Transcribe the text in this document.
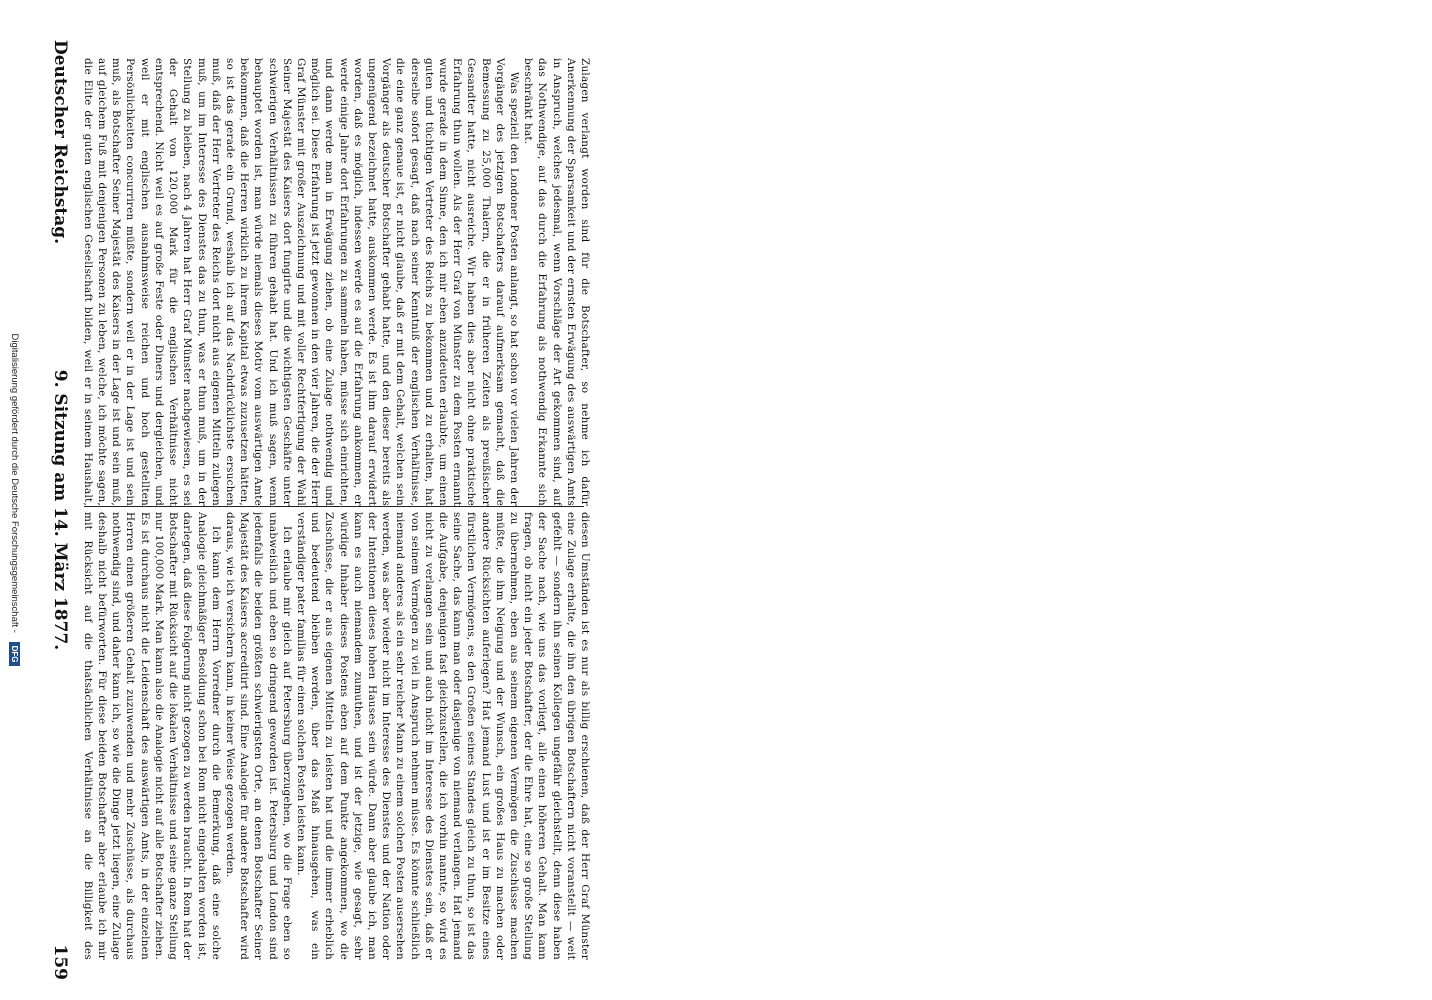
Deutscher Reichstag.
9. Sitzung am 14. März 1877.
159

Zulagen verlangt worden sind für die Botschafter, so nehme ich dafür Anerkennung der Sparsamkeit und der ernsten Erwägung des auswärtigen Amts in Anspruch, welches jedesmal, wenn Vorschläge der Art gekommen sind, auf das Nothwendige, auf das durch die Erfahrung als nothwendig Erkannte sich beschränkt hat.

Was speziell den Londoner Posten anlangt, so hat schon vor vielen Jahren der Vorgänger des jetzigen Botschafters darauf aufmerksam gemacht, daß die Bemessung zu 25,000 Thalern, die er in früheren Zeiten als preußischer Gesandter hatte, nicht ausreiche. Wir haben dies aber nicht ohne praktische Erfahrung thun wollen. Als der Herr Graf von Münster zu dem Posten ernannt wurde gerade in dem Sinne, den ich mir eben anzudeuten erlaubte, um einen guten und tüchtigen Vertreter des Reichs zu bekommen und zu erhalten, hat derselbe sofort gesagt, daß nach seiner Kenntniß der englischen Verhältnisse, die eine ganz genaue ist, er nicht glaube, daß er mit dem Gehalt, welchen sein Vorgänger als deutscher Botschafter gehabt hatte, und den dieser bereits als ungenügend bezeichnet hatte, auskommen werde. Es ist ihm darauf erwidert worden, daß es möglich, indessen werde es auf die Erfahrung ankommen, er werde einige Jahre dort Erfahrungen zu sammeln haben, müsse sich einrichten, und dann werde man in Erwägung ziehen, ob eine Zulage nothwendig und möglich sei. Diese Erfahrung ist jetzt gewonnen in den vier Jahren, die der Herr Graf Münster mit großer Auszeichnung und mit voller Rechtfertigung der Wahl Seiner Majestät des Kaisers dort fungirte und die wichtigsten Geschäfte unter schwierigen Verhältnissen zu führen gehabt hat. Und ich muß sagen, wenn behauptet worden ist, man würde niemals dieses Motiv vom auswärtigen Amte bekommen, daß die Herren wirklich zu ihrem Kapital etwas zuzusetzen hätten, so ist das gerade ein Grund, weshalb ich auf das Nachdrücklichste ersuchen muß, daß der Herr Vertreter des Reichs dort nicht aus eigenen Mitteln zulegen muß, um im Interesse des Dienstes das zu thun, was er thun muß, um in der Stellung zu bleiben, nach 4 Jahren hat Herr Graf Münster nachgewiesen, es sei der Gehalt von 120,000 Mark für die englischen Verhältnisse nicht entsprechend. Nicht weil es auf große Feste oder Diners und dergleichen, und weil er mit englischen ausnahmsweise reichen und hoch gestellten Persönlichkeiten concurriren müßte, sondern weil er in der Lage ist und sein muß, als Botschafter Seiner Majestät des Kaisers in der Lage ist und sein muß, auf gleichem Fuß mit denjenigen Personen zu leben, welche, ich möchte sagen, die Elite der guten englischen Gesellschaft bilden, weil er in seinem Haushalt,

diesen Umständen ist es nur als billig erschienen, daß der Herr Graf Münster eine Zulage erhalte, die ihn den übrigen Botschaftern nicht voranstellt — weit gefehlt — sondern ihn seinen Kollegen ungefähr gleichstellt, denn diese haben der Sache nach, wie uns das vorliegt, alle einen höheren Gehalt. Man kann fragen, ob nicht ein jeder Botschafter, der die Ehre hat, eine so große Stellung zu übernehmen, eben aus seinem eigenen Vermögen die Zuschüsse machen müßte, die ihm Neigung und der Wunsch, ein großes Haus zu machen oder andere Rücksichten auferlegen? Hat jemand Lust und ist er im Besitze eines fürstlichen Vermögens, es den Großen seines Standes gleich zu thun, so ist das seine Sache, das kann man oder dasjenige von niemand verlangen. Hat jemand die Aufgabe, denjenigen fast gleichzustellen, die ich vorhin nannte, so wird es nicht zu verlangen sein und auch nicht im Interesse des Dienstes sein, daß er von seinem Vermögen zu viel in Anspruch nehmen müsse. Es könnte schließlich niemand anderes als ein sehr reicher Mann zu einem solchen Posten ausersehen werden, was aber wieder nicht im Interesse des Dienstes und der Nation oder der Intentionen dieses hohen Hauses sein würde. Dann aber glaube ich, man kann es auch niemandem zumuthen, und ist der jetzige, wie gesagt, sehr würdige Inhaber dieses Postens eben auf dem Punkte angekommen, wo die Zuschüsse, die er aus eigenen Mitteln zu leisten hat und die immer erheblich und bedeutend bleiben werden, über das Maß hinausgehen, was ein verständiger pater familias für einen solchen Posten leisten kann.

Ich erlaube mir gleich auf Petersburg überzugehen, wo die Frage eben so unabweislich und eben so dringend geworden ist. Petersburg und London sind jedenfalls die beiden größten schwierigsten Orte, an denen Botschafter Seiner Majestät des Kaisers accreditirt sind. Eine Analogie für andere Botschafter wird daraus, wie ich versichern kann, in keiner Weise gezogen werden.

Ich kann dem Herrn Vorredner durch die Bemerkung, daß eine solche Analogie gleichmäßiger Besoldung schon bei Rom nicht eingehalten worden ist, darlegen, daß diese Folgerung nicht gezogen zu werden braucht. In Rom hat der Botschafter mit Rücksicht auf die lokalen Verhältnisse und seine ganze Stellung nur 100,000 Mark. Man kann also die Analogie nicht auf alle Botschafter ziehen. Es ist durchaus nicht die Leidenschaft des auswärtigen Amts, in der einzelnen Herren einen größeren Gehalt zuzuwenden und mehr Zuschüsse, als durchaus nothwendig sind, und daher kann ich, so wie die Dinge jetzt liegen, eine Zulage deshalb nicht befürworten. Für diese beiden Botschafter aber erlaube ich mir mit Rücksicht auf die thatsächlichen Verhältnisse an die Billigkeit des

Digitalisierung gefördert durch die Deutsche Forschungsgemeinschaft - DFG
